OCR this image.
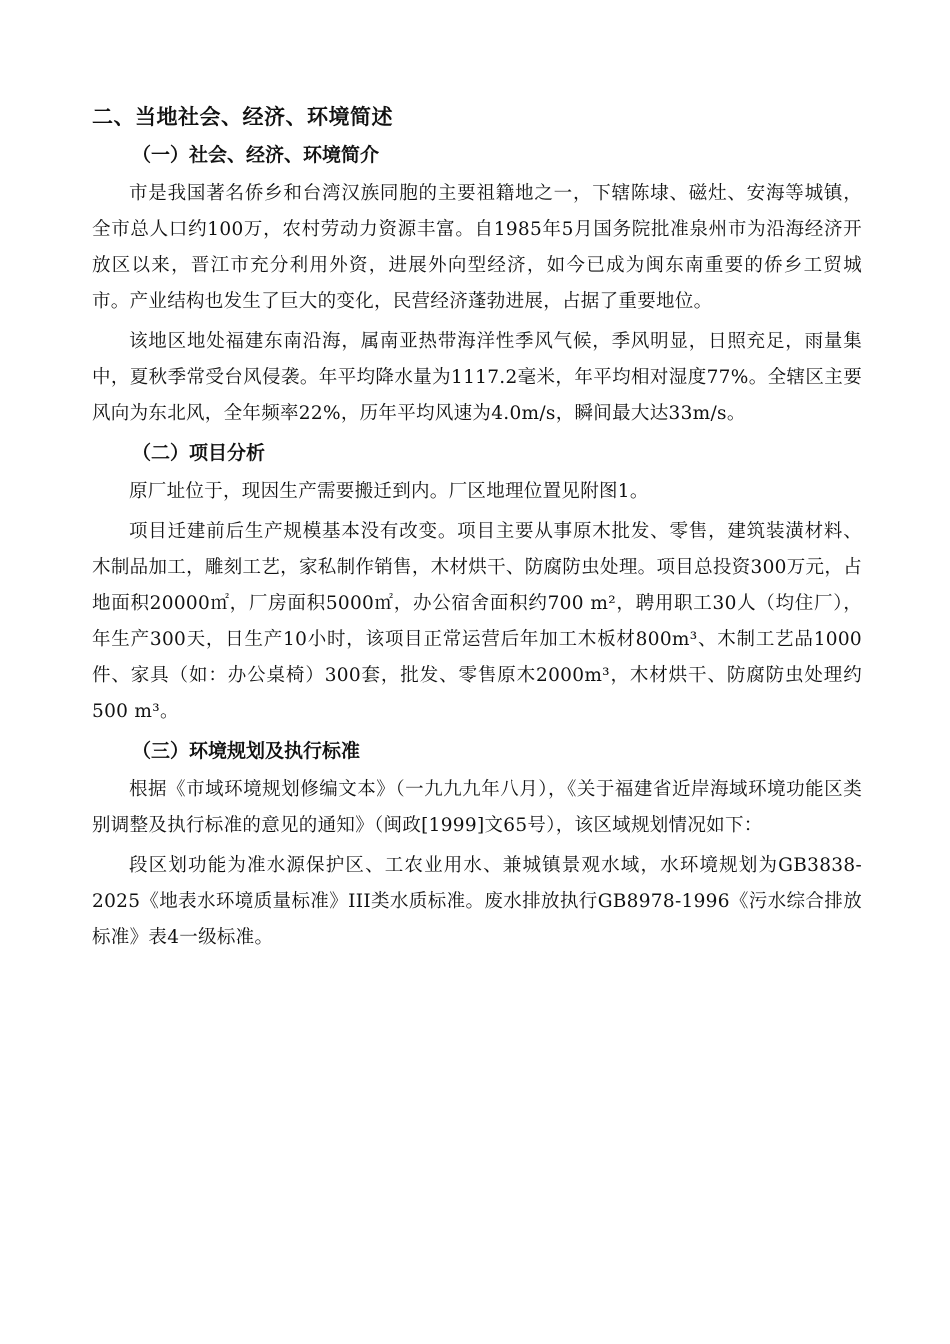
二、当地社会、经济、环境简述
（一）社会、经济、环境简介

市是我国著名侨乡和台湾汉族同胞的主要祖籍地之一，下辖陈埭、磁灶、安海等城镇，全市总人口约100万，农村劳动力资源丰富。自1985年5月国务院批准泉州市为沿海经济开放区以来，晋江市充分利用外资，进展外向型经济，如今已成为闽东南重要的侨乡工贸城市。产业结构也发生了巨大的变化，民营经济蓬勃进展，占据了重要地位。

该地区地处福建东南沿海，属南亚热带海洋性季风气候，季风明显，日照充足，雨量集中，夏秋季常受台风侵袭。年平均降水量为1117.2毫米，年平均相对湿度77%。全辖区主要风向为东北风，全年频率22%，历年平均风速为4.0m/s，瞬间最大达33m/s。

（二）项目分析

原厂址位于，现因生产需要搬迁到内。厂区地理位置见附图1。

项目迁建前后生产规模基本没有改变。项目主要从事原木批发、零售，建筑装潢材料、木制品加工，雕刻工艺，家私制作销售，木材烘干、防腐防虫处理。项目总投资300万元，占地面积20000㎡，厂房面积5000㎡，办公宿舍面积约700 m²，聘用职工30人（均住厂），年生产300天，日生产10小时，该项目正常运营后年加工木板材800m³、木制工艺品1000件、家具（如：办公桌椅）300套，批发、零售原木2000m³，木材烘干、防腐防虫处理约500 m³。

（三）环境规划及执行标准

根据《市域环境规划修编文本》（一九九九年八月），《关于福建省近岸海域环境功能区类别调整及执行标准的意见的通知》（闽政[1999]文65号），该区域规划情况如下：

段区划功能为准水源保护区、工农业用水、兼城镇景观水域，水环境规划为GB3838-2025《地表水环境质量标准》III类水质标准。废水排放执行GB8978-1996《污水综合排放标准》表4一级标准。
